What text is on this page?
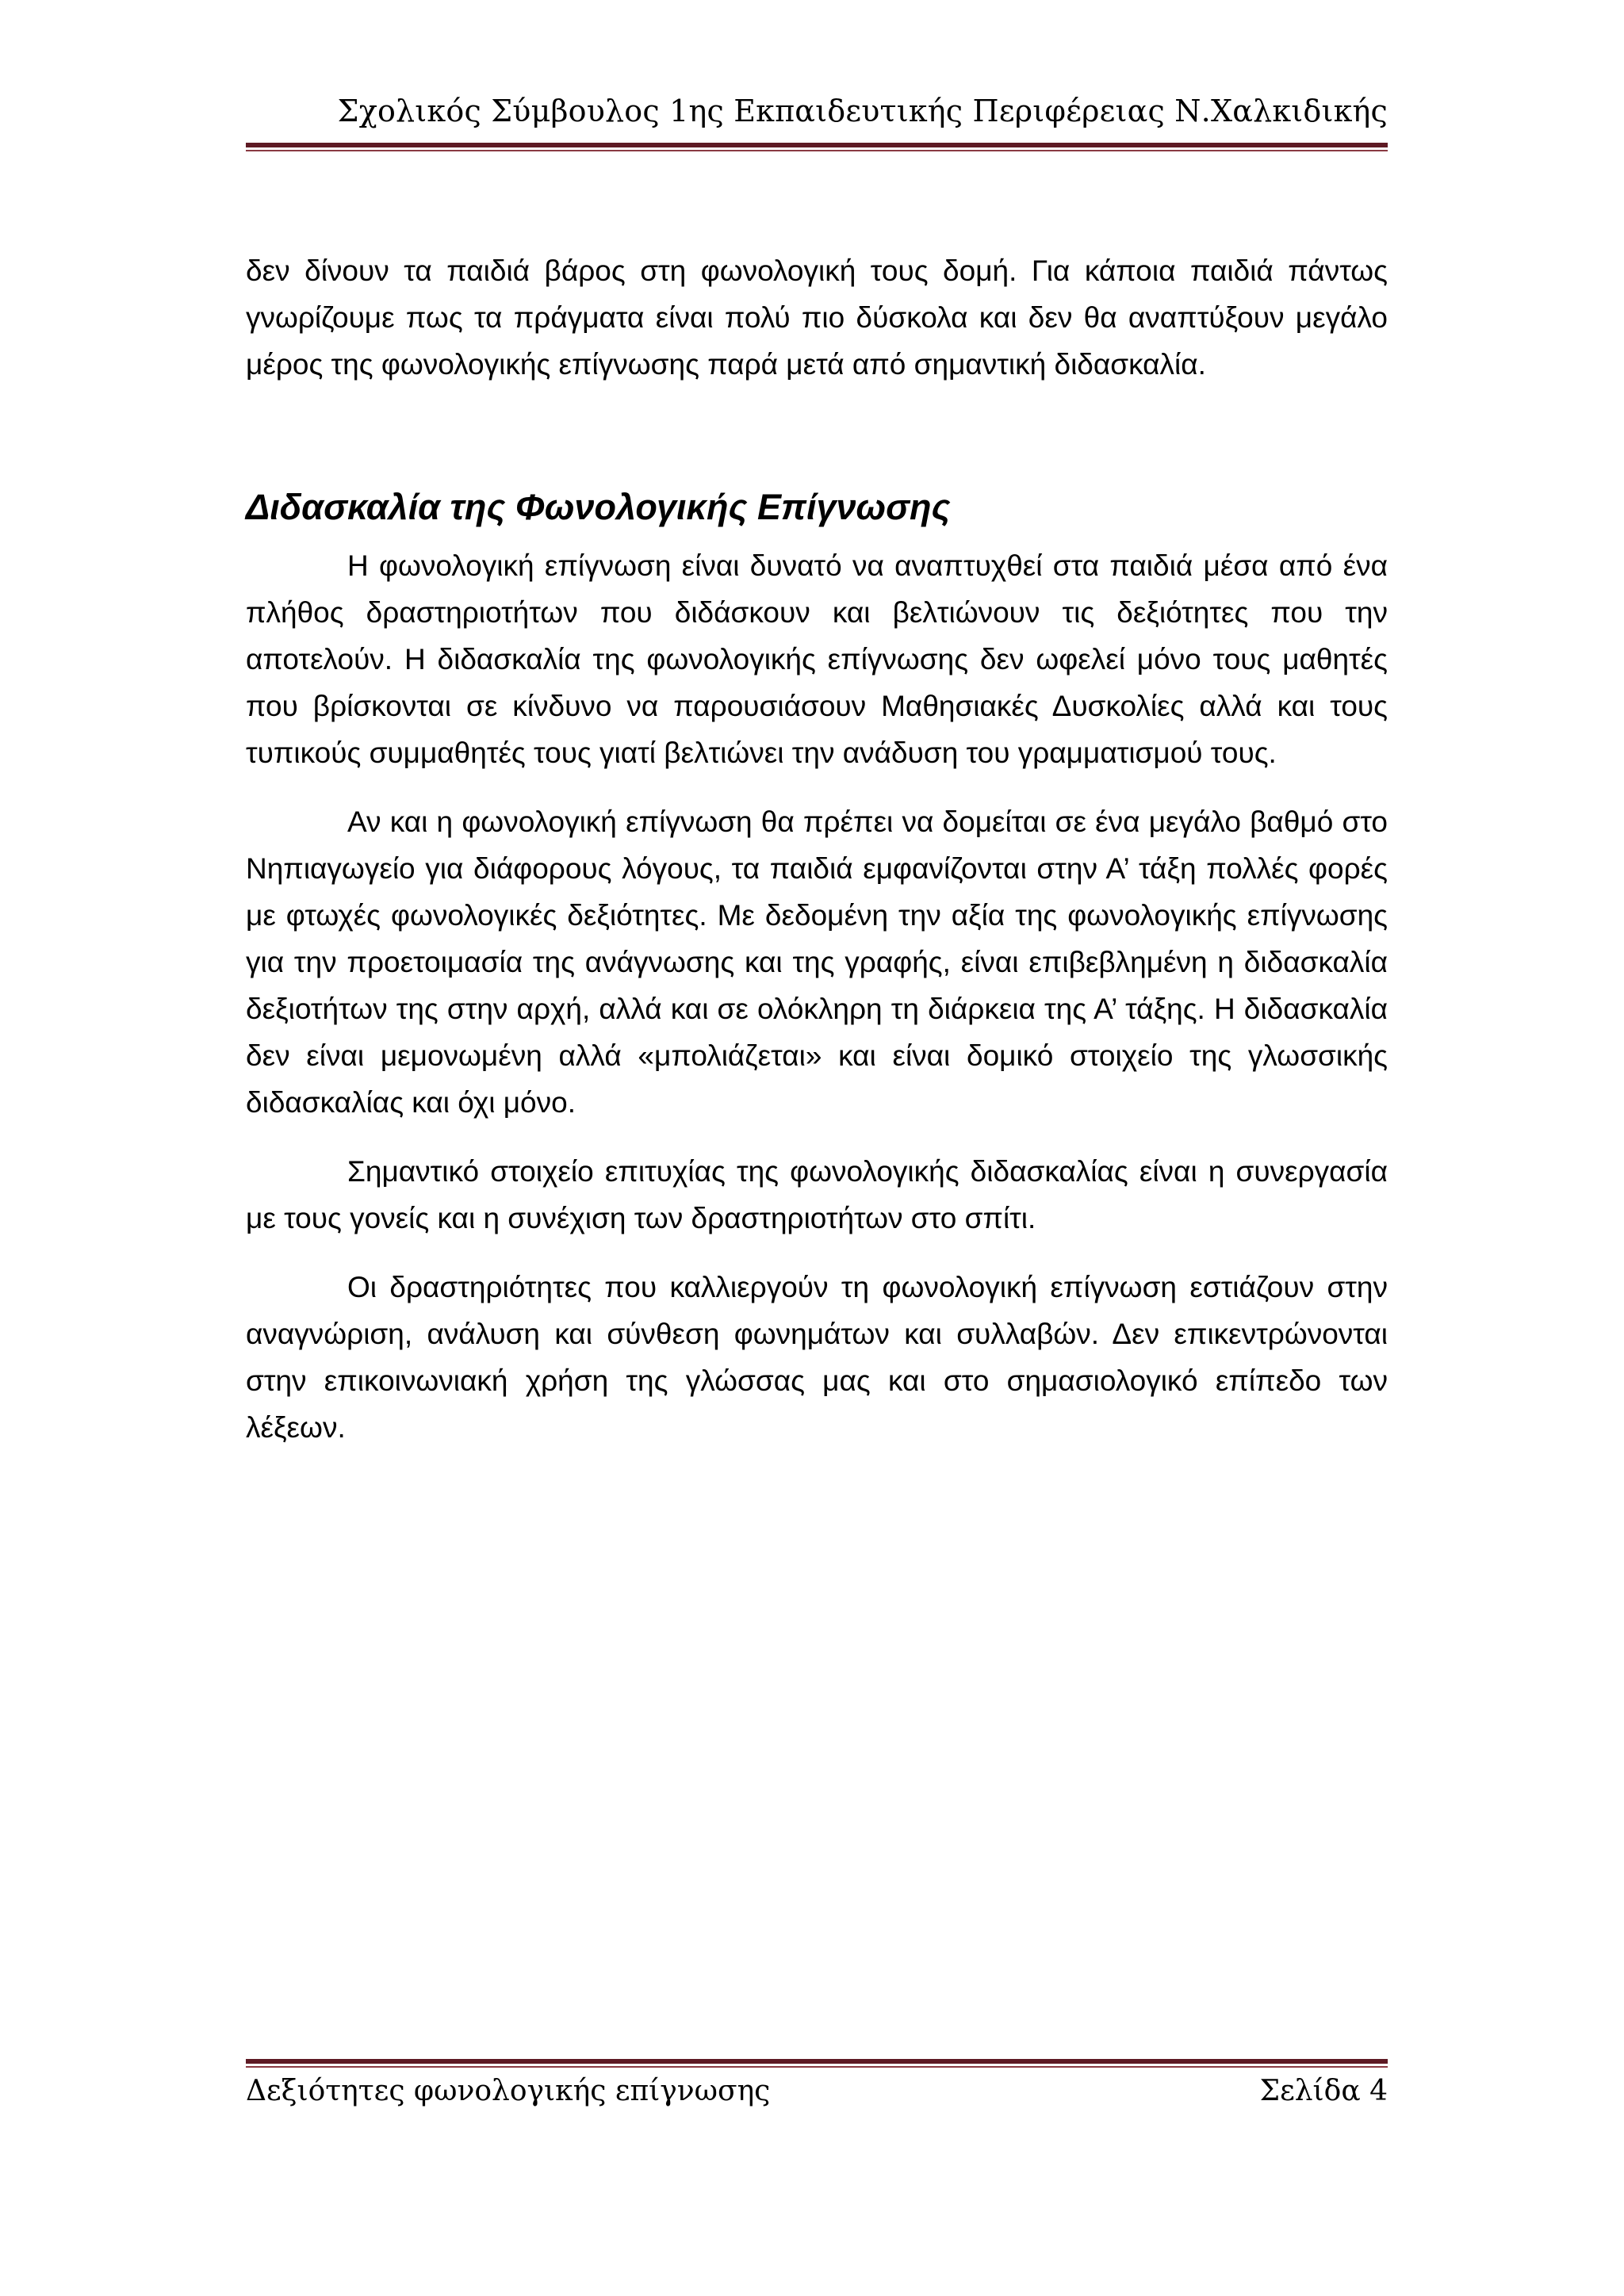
Σχολικός Σύμβουλος 1ης Εκπαιδευτικής Περιφέρειας Ν.Χαλκιδικής

δεν δίνουν τα παιδιά βάρος στη φωνολογική τους δομή. Για κάποια παιδιά πάντως γνωρίζουμε πως τα πράγματα είναι πολύ πιο δύσκολα και δεν θα αναπτύξουν μεγάλο μέρος της φωνολογικής επίγνωσης παρά μετά από σημαντική διδασκαλία.

Διδασκαλία της Φωνολογικής Επίγνωσης

Η φωνολογική επίγνωση είναι δυνατό να αναπτυχθεί στα παιδιά μέσα από ένα πλήθος δραστηριοτήτων που διδάσκουν και βελτιώνουν τις δεξιότητες που την αποτελούν. Η διδασκαλία της φωνολογικής επίγνωσης δεν ωφελεί μόνο τους μαθητές που βρίσκονται σε κίνδυνο να παρουσιάσουν Μαθησιακές Δυσκολίες αλλά και τους τυπικούς συμμαθητές τους γιατί βελτιώνει την ανάδυση του γραμματισμού τους.

Αν και η φωνολογική επίγνωση θα πρέπει να δομείται σε ένα μεγάλο βαθμό στο Νηπιαγωγείο για διάφορους λόγους, τα παιδιά εμφανίζονται στην Α’ τάξη πολλές φορές με φτωχές φωνολογικές δεξιότητες. Με δεδομένη την αξία της φωνολογικής επίγνωσης για την προετοιμασία της ανάγνωσης και της γραφής, είναι επιβεβλημένη η διδασκαλία δεξιοτήτων της στην αρχή, αλλά και σε ολόκληρη τη διάρκεια της Α’ τάξης. Η διδασκαλία δεν είναι μεμονωμένη αλλά «μπολιάζεται» και είναι δομικό στοιχείο της γλωσσικής διδασκαλίας και όχι μόνο.

Σημαντικό στοιχείο επιτυχίας της φωνολογικής διδασκαλίας είναι η συνεργασία με τους γονείς και η συνέχιση των δραστηριοτήτων στο σπίτι.

Οι δραστηριότητες που καλλιεργούν τη φωνολογική επίγνωση εστιάζουν στην αναγνώριση, ανάλυση και σύνθεση φωνημάτων και συλλαβών. Δεν επικεντρώνονται στην επικοινωνιακή χρήση της γλώσσας μας και στο σημασιολογικό επίπεδο των λέξεων.

Δεξιότητες φωνολογικής επίγνωσης	Σελίδα 4
